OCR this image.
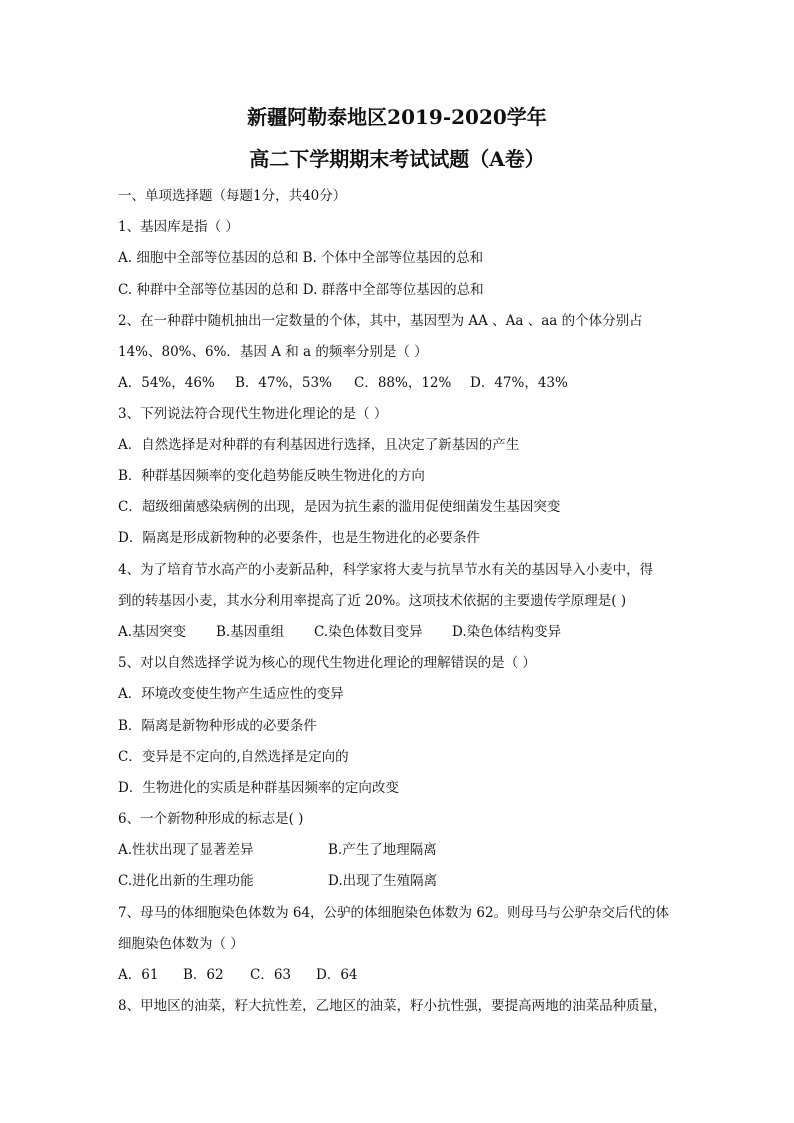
新疆阿勒泰地区2019-2020学年
高二下学期期末考试试题（A卷）
一、单项选择题（每题1分，共40分）
1、基因库是指（ ）
A. 细胞中全部等位基因的总和 B. 个体中全部等位基因的总和
C. 种群中全部等位基因的总和 D. 群落中全部等位基因的总和
2、在一种群中随机抽出一定数量的个体，其中，基因型为 AA 、Aa 、aa 的个体分别占
14%、80%、6%．基因 A 和 a 的频率分别是（ ）
A．54%，46% B．47%，53% C．88%，12% D．47%，43%
3、下列说法符合现代生物进化理论的是（ ）
A．自然选择是对种群的有利基因进行选择，且决定了新基因的产生
B．种群基因频率的变化趋势能反映生物进化的方向
C．超级细菌感染病例的出现，是因为抗生素的滥用促使细菌发生基因突变
D．隔离是形成新物种的必要条件，也是生物进化的必要条件
4、为了培育节水高产的小麦新品种，科学家将大麦与抗旱节水有关的基因导入小麦中，得
到的转基因小麦，其水分利用率提高了近 20%。这项技术依据的主要遗传学原理是( )
A.基因突变 B.基因重组 C.染色体数目变异 D.染色体结构变异
5、对以自然选择学说为核心的现代生物进化理论的理解错误的是（ ）
A．环境改变使生物产生适应性的变异
B．隔离是新物种形成的必要条件
C．变异是不定向的,自然选择是定向的
D．生物进化的实质是种群基因频率的定向改变
6、一个新物种形成的标志是( )
A.性状出现了显著差异	B.产生了地理隔离
C.进化出新的生理功能	D.出现了生殖隔离
7、母马的体细胞染色体数为 64，公驴的体细胞染色体数为 62。则母马与公驴杂交后代的体
细胞染色体数为（ ）
A．61 B．62 C．63 D．64
8、甲地区的油菜，籽大抗性差，乙地区的油菜，籽小抗性强，要提高两地的油菜品种质量，
